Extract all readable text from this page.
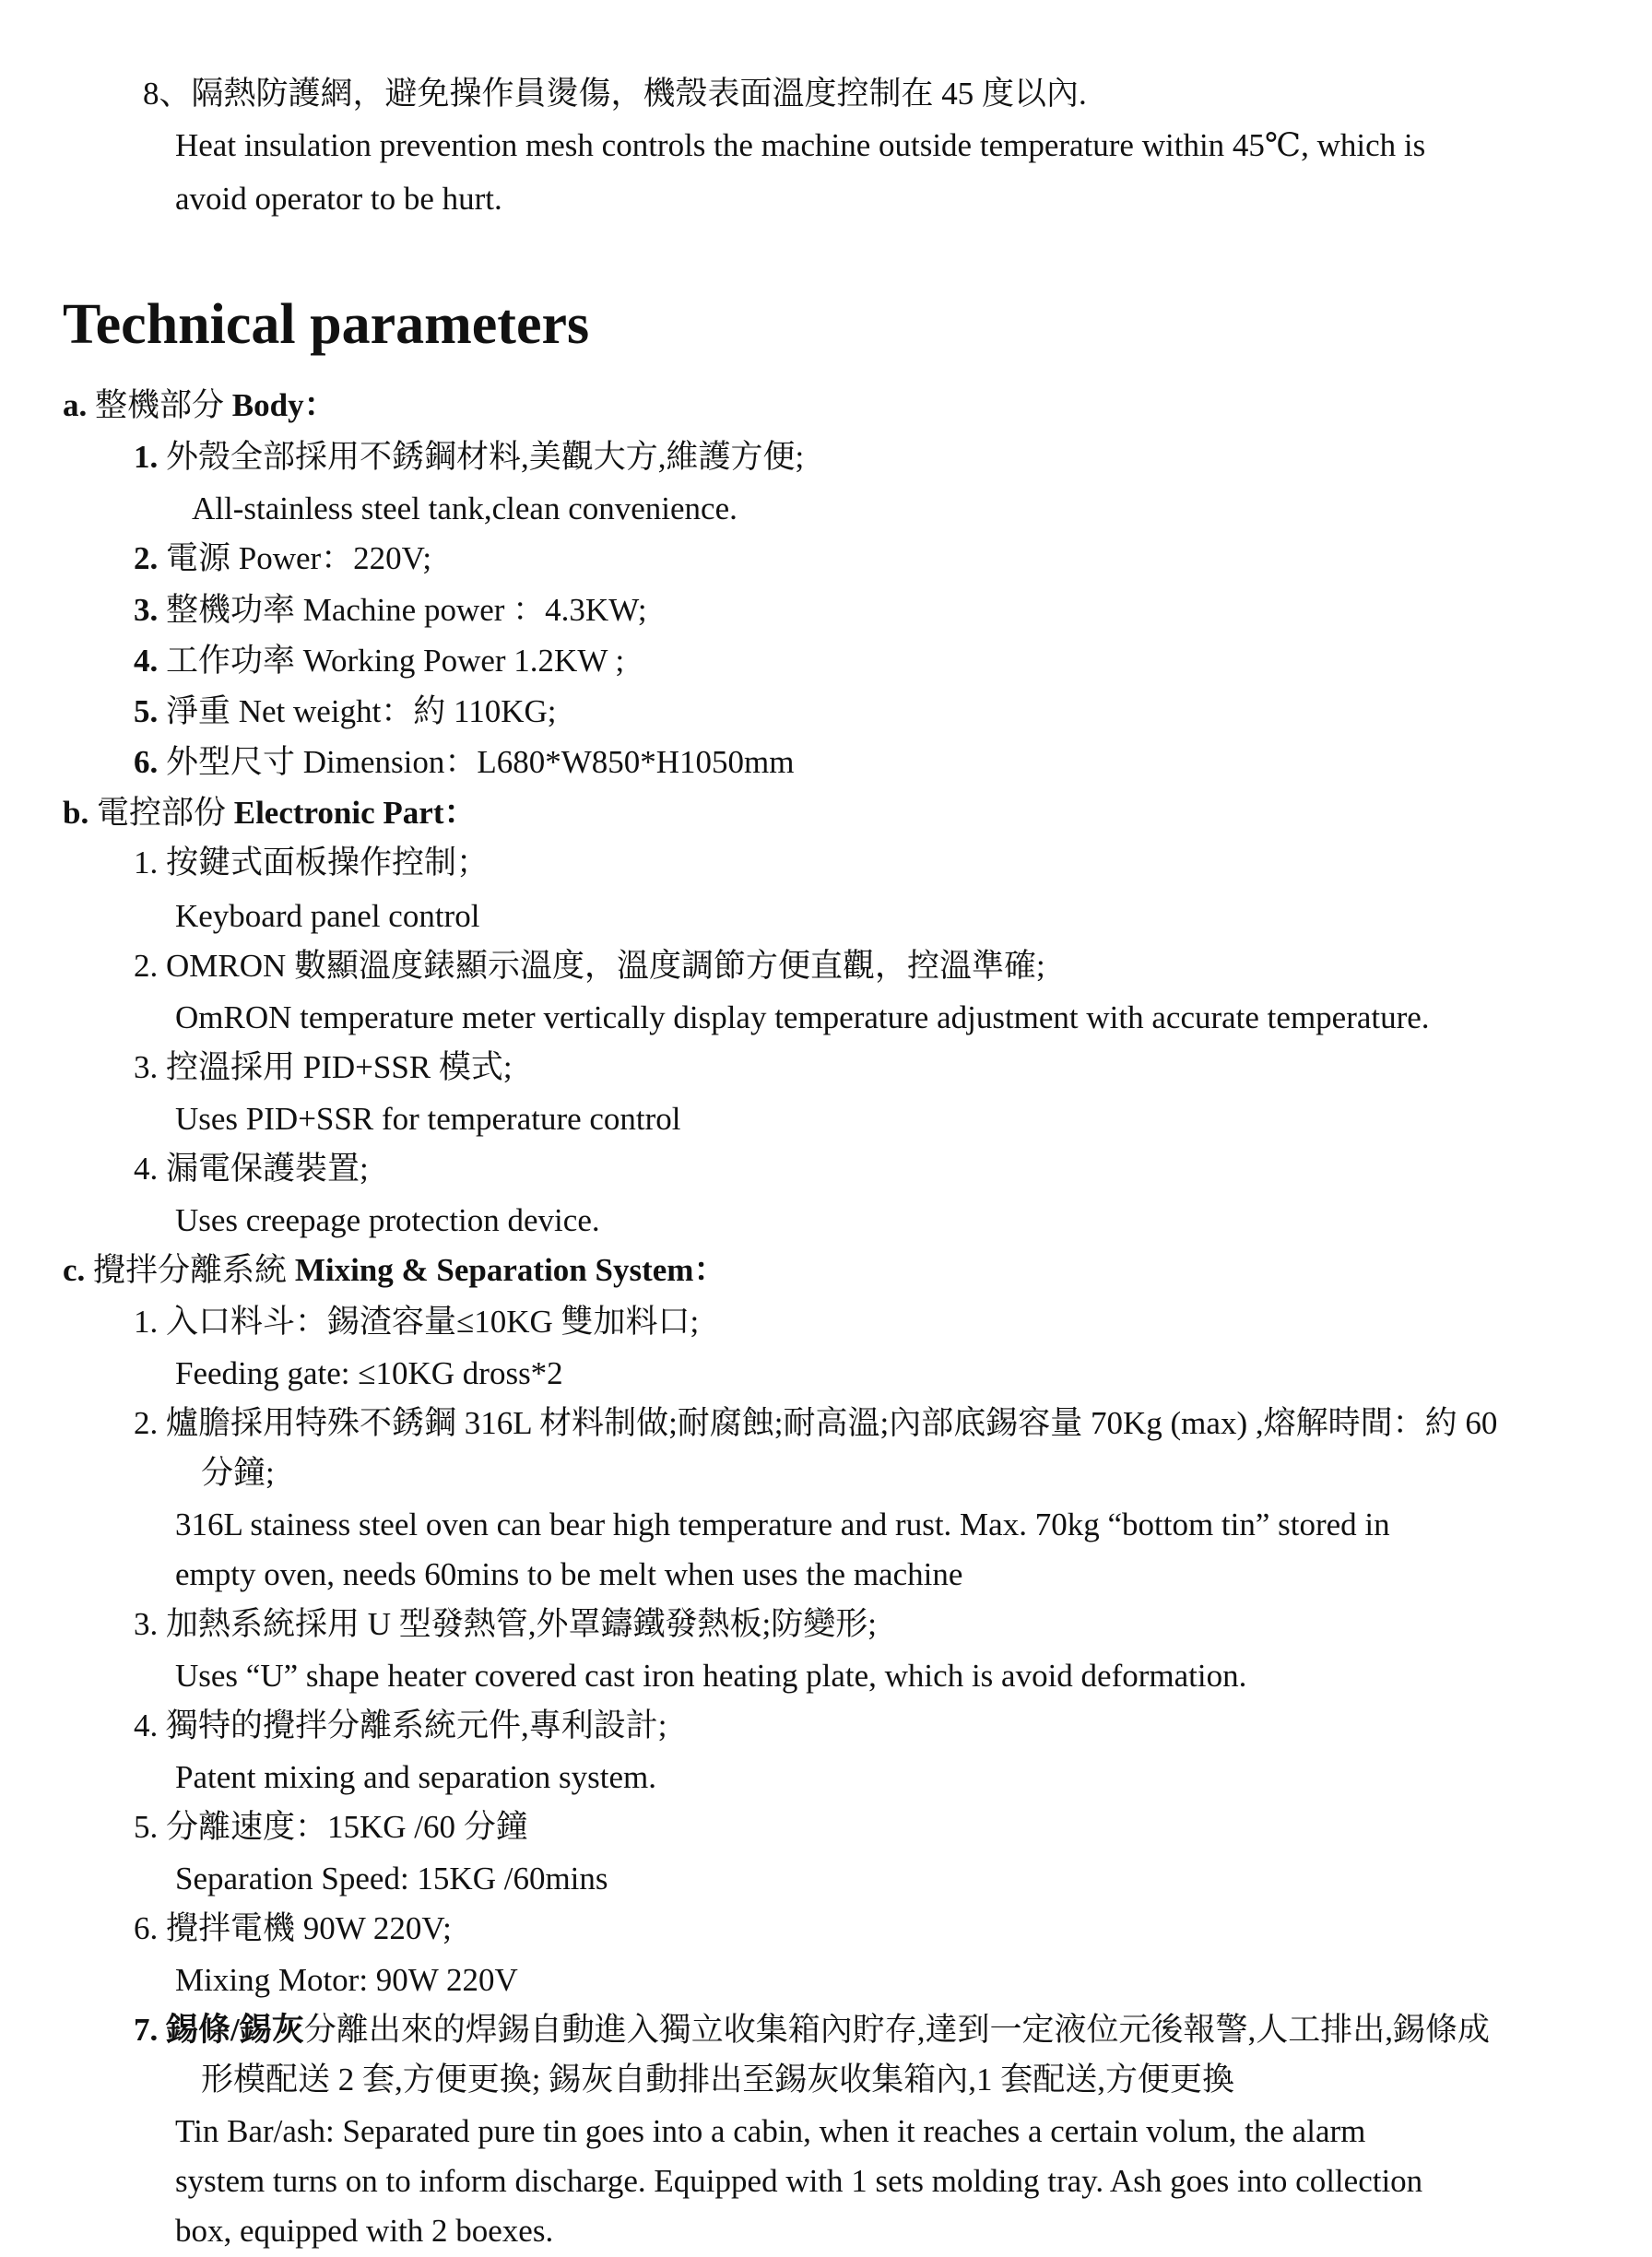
8、隔熱防護網，避免操作員燙傷，機殼表面溫度控制在 45 度以內.
Heat insulation prevention mesh controls the machine outside temperature within 45℃, which is
avoid operator to be hurt.
Technical parameters
a. 整機部分 Body：
1. 外殼全部採用不銹鋼材料,美觀大方,維護方便;
All-stainless steel tank,clean convenience.
2. 電源 Power：220V;
3. 整機功率 Machine power ：4.3KW;
4. 工作功率 Working Power 1.2KW ;
5. 淨重 Net weight：約 110KG;
6. 外型尺寸 Dimension：L680*W850*H1050mm
b. 電控部份 Electronic Part：
1. 按鍵式面板操作控制；
Keyboard panel control
2. OMRON 數顯溫度錶顯示溫度，溫度調節方便直觀，控溫準確;
OmRON temperature meter vertically display temperature adjustment with accurate temperature.
3. 控溫採用 PID+SSR 模式;
Uses PID+SSR for temperature control
4. 漏電保護裝置;
Uses creepage protection device.
c. 攪拌分離系統 Mixing & Separation System：
1. 入口料斗：錫渣容量≤10KG 雙加料口;
Feeding gate: ≤10KG dross*2
2. 爐膽採用特殊不銹鋼 316L 材料制做;耐腐蝕;耐高溫;內部底錫容量 70Kg (max) ,熔解時間：約 60
分鐘;
316L stainess steel oven can bear high temperature and rust. Max. 70kg “bottom tin” stored in
empty oven, needs 60mins to be melt when uses the machine
3. 加熱系統採用 U 型發熱管,外罩鑄鐵發熱板;防變形;
Uses “U” shape heater covered cast iron heating plate, which is avoid deformation.
4. 獨特的攪拌分離系統元件,專利設計;
Patent mixing and separation system.
5. 分離速度：15KG /60 分鐘
Separation Speed: 15KG /60mins
6. 攪拌電機 90W 220V;
Mixing Motor: 90W 220V
7. 錫條/錫灰分離出來的焊錫自動進入獨立收集箱內貯存,達到一定液位元後報警,人工排出,錫條成
形模配送 2 套,方便更換; 錫灰自動排出至錫灰收集箱內,1 套配送,方便更換
Tin Bar/ash: Separated pure tin goes into a cabin, when it reaches a certain volum, the alarm
system turns on to inform discharge. Equipped with 1 sets molding tray. Ash goes into collection
box, equipped with 2 boexes.
